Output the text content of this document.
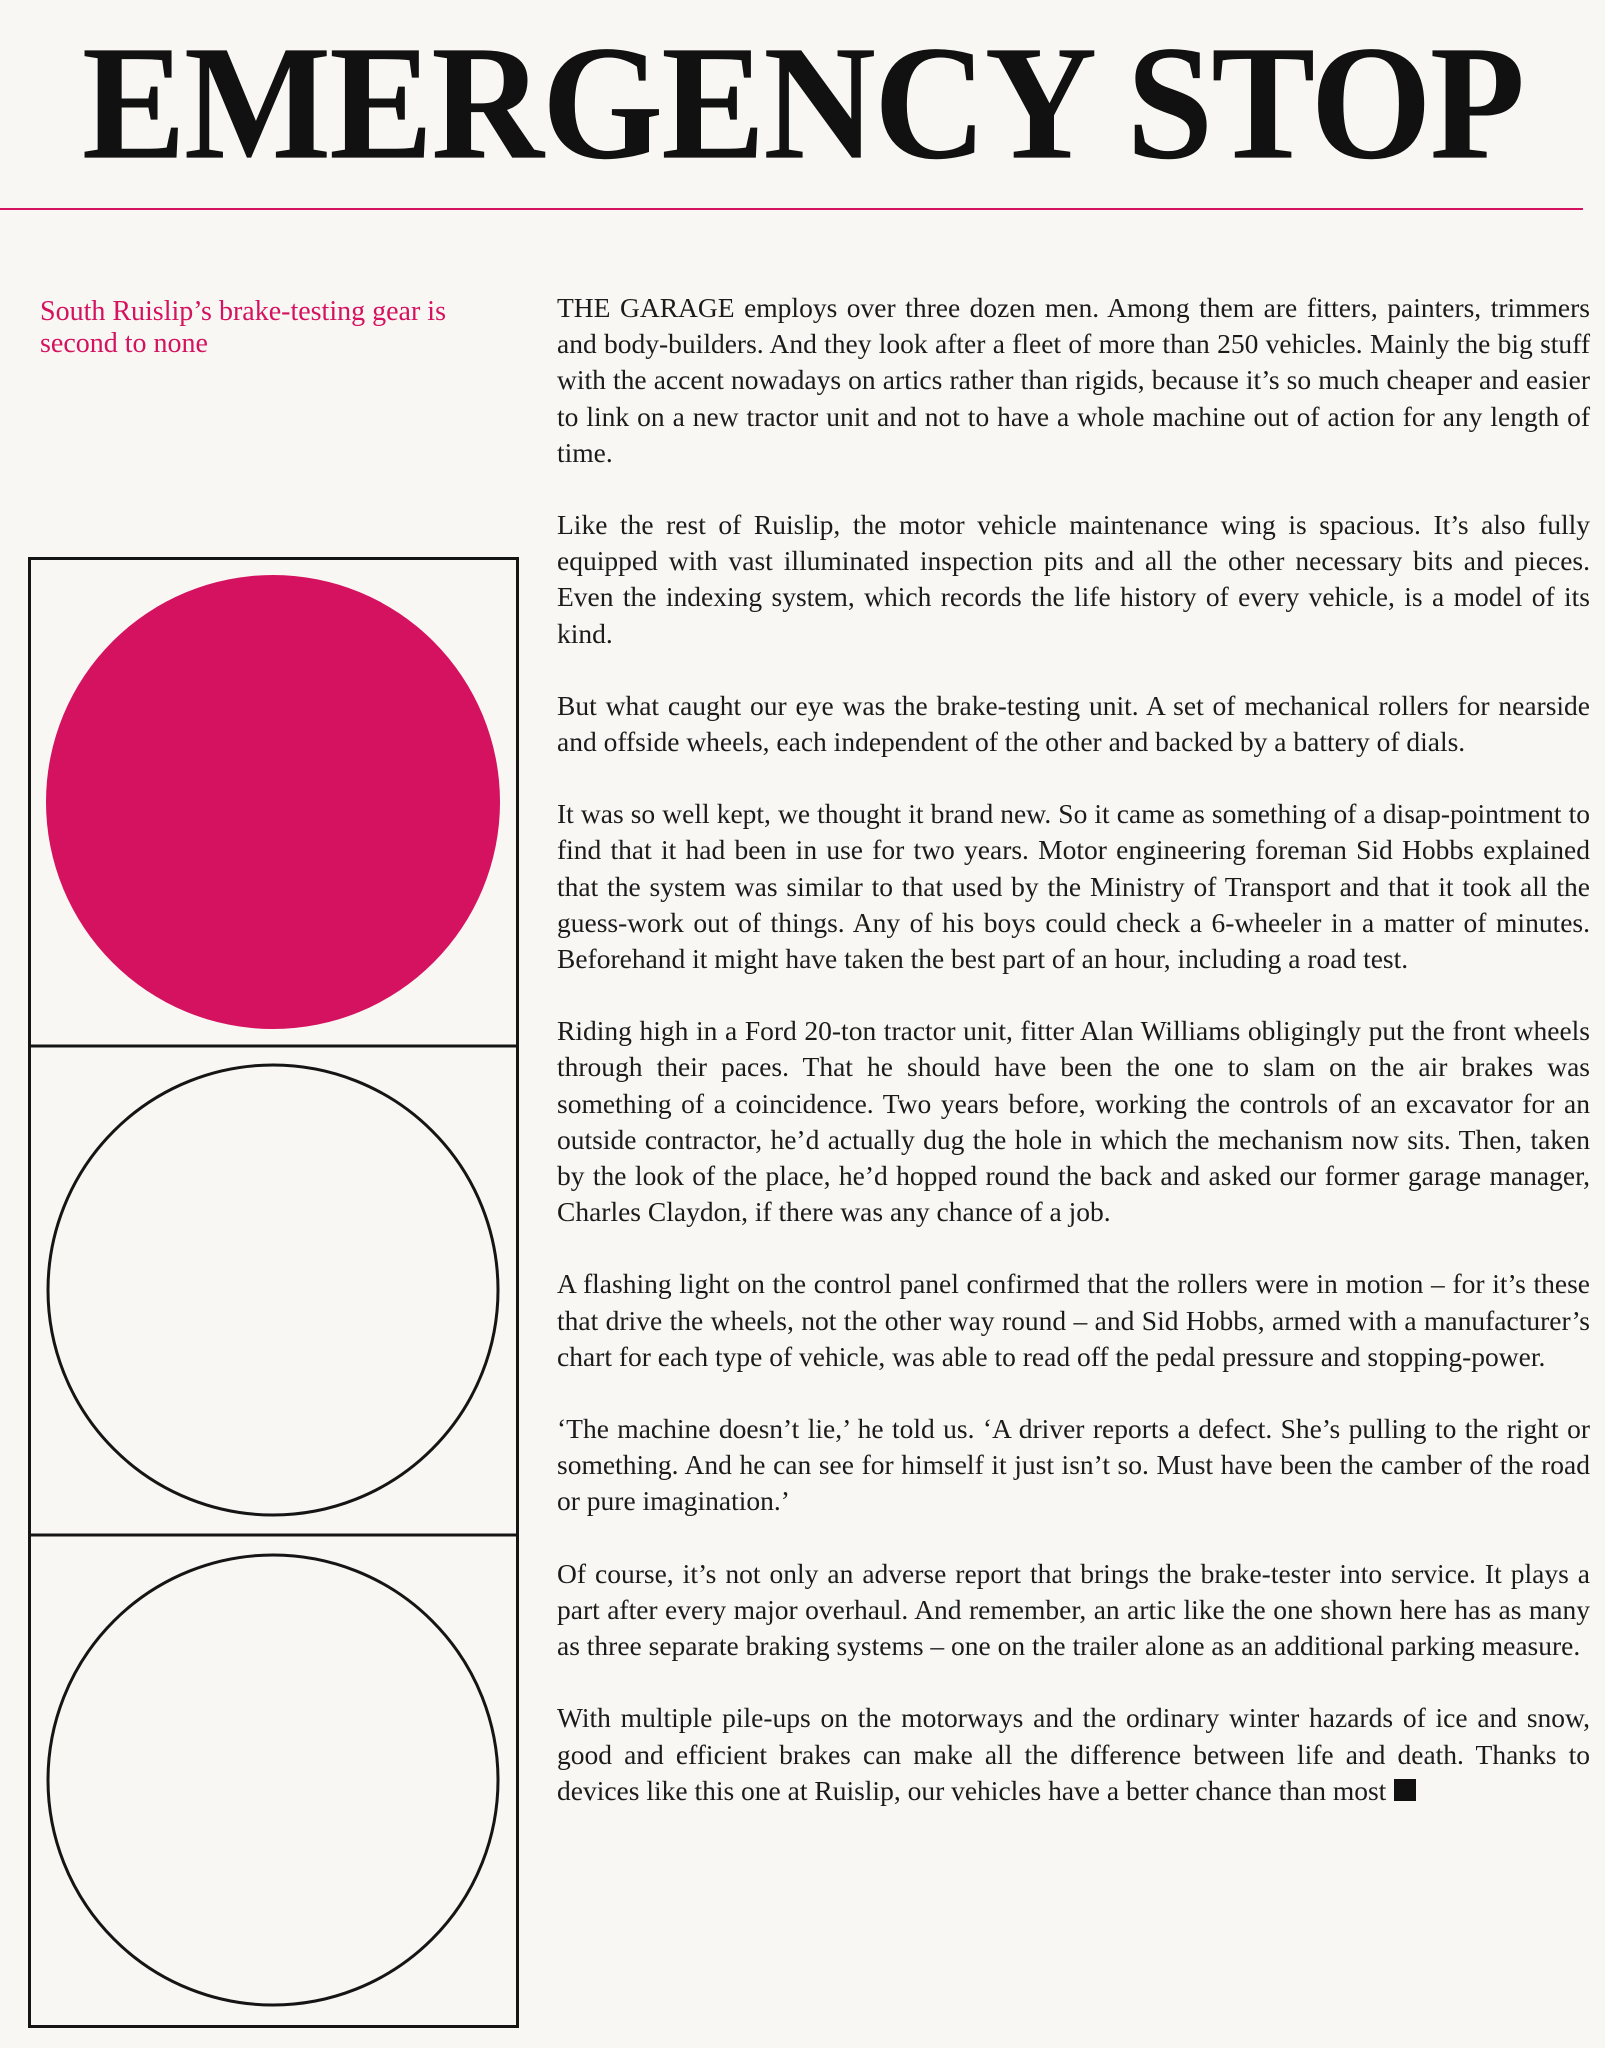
EMERGENCY STOP
South Ruislip’s brake-testing gear is second to none

THE GARAGE employs over three dozen men. Among them are fitters, painters, trimmers and body-builders. And they look after a fleet of more than 250 vehicles. Mainly the big stuff with the accent nowadays on artics rather than rigids, because it’s so much cheaper and easier to link on a new tractor unit and not to have a whole machine out of action for any length of time.

Like the rest of Ruislip, the motor vehicle maintenance wing is spacious. It’s also fully equipped with vast illuminated inspection pits and all the other necessary bits and pieces. Even the indexing system, which records the life history of every vehicle, is a model of its kind.

But what caught our eye was the brake-testing unit. A set of mechanical rollers for nearside and offside wheels, each independent of the other and backed by a battery of dials.

It was so well kept, we thought it brand new. So it came as something of a disap-pointment to find that it had been in use for two years. Motor engineering foreman Sid Hobbs explained that the system was similar to that used by the Ministry of Transport and that it took all the guess-work out of things. Any of his boys could check a 6-wheeler in a matter of minutes. Beforehand it might have taken the best part of an hour, including a road test.

Riding high in a Ford 20-ton tractor unit, fitter Alan Williams obligingly put the front wheels through their paces. That he should have been the one to slam on the air brakes was something of a coincidence. Two years before, working the controls of an excavator for an outside contractor, he’d actually dug the hole in which the mechanism now sits. Then, taken by the look of the place, he’d hopped round the back and asked our former garage manager, Charles Claydon, if there was any chance of a job.

A flashing light on the control panel confirmed that the rollers were in motion – for it’s these that drive the wheels, not the other way round – and Sid Hobbs, armed with a manufacturer’s chart for each type of vehicle, was able to read off the pedal pressure and stopping-power.

‘The machine doesn’t lie,’ he told us. ‘A driver reports a defect. She’s pulling to the right or something. And he can see for himself it just isn’t so. Must have been the camber of the road or pure imagination.’

Of course, it’s not only an adverse report that brings the brake-tester into service. It plays a part after every major overhaul. And remember, an artic like the one shown here has as many as three separate braking systems – one on the trailer alone as an additional parking measure.

With multiple pile-ups on the motorways and the ordinary winter hazards of ice and snow, good and efficient brakes can make all the difference between life and death. Thanks to devices like this one at Ruislip, our vehicles have a better chance than most
